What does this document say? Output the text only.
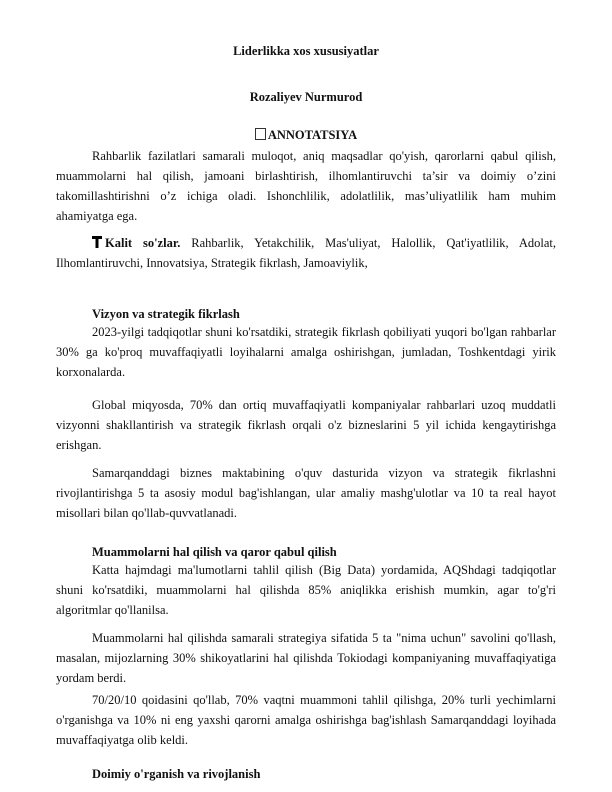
Liderlikka xos xususiyatlar
Rozaliyev Nurmurod
ANNOTATSIYA

Rahbarlik fazilatlari samarali muloqot, aniq maqsadlar qo'yish, qarorlarni qabul qilish, muammolarni hal qilish, jamoani birlashtirish, ilhomlantiruvchi ta’sir va doimiy o’zini takomillashtirishni o’z ichiga oladi. Ishonchlilik, adolatlilik, mas’uliyatlilik ham muhim ahamiyatga ega.

Kalit so'zlar. Rahbarlik, Yetakchilik, Mas'uliyat, Halollik, Qat'iyatlilik, Adolat, Ilhomlantiruvchi, Innovatsiya, Strategik fikrlash, Jamoaviylik,

Vizyon va strategik fikrlash

2023-yilgi tadqiqotlar shuni ko'rsatdiki, strategik fikrlash qobiliyati yuqori bo'lgan rahbarlar 30% ga ko'proq muvaffaqiyatli loyihalarni amalga oshirishgan, jumladan, Toshkentdagi yirik korxonalarda.

Global miqyosda, 70% dan ortiq muvaffaqiyatli kompaniyalar rahbarlari uzoq muddatli vizyonni shakllantirish va strategik fikrlash orqali o'z bizneslarini 5 yil ichida kengaytirishga erishgan.

Samarqanddagi biznes maktabining o'quv dasturida vizyon va strategik fikrlashni rivojlantirishga 5 ta asosiy modul bag'ishlangan, ular amaliy mashg'ulotlar va 10 ta real hayot misollari bilan qo'llab-quvvatlanadi.

Muammolarni hal qilish va qaror qabul qilish

Katta hajmdagi ma'lumotlarni tahlil qilish (Big Data) yordamida, AQShdagi tadqiqotlar shuni ko'rsatdiki, muammolarni hal qilishda 85% aniqlikka erishish mumkin, agar to'g'ri algoritmlar qo'llanilsa.

Muammolarni hal qilishda samarali strategiya sifatida 5 ta "nima uchun" savolini qo'llash, masalan, mijozlarning 30% shikoyatlarini hal qilishda Tokiodagi kompaniyaning muvaffaqiyatiga yordam berdi.

70/20/10 qoidasini qo'llab, 70% vaqtni muammoni tahlil qilishga, 20% turli yechimlarni o'rganishga va 10% ni eng yaxshi qarorni amalga oshirishga bag'ishlash Samarqanddagi loyihada muvaffaqiyatga olib keldi.

Doimiy o'rganish va rivojlanish
